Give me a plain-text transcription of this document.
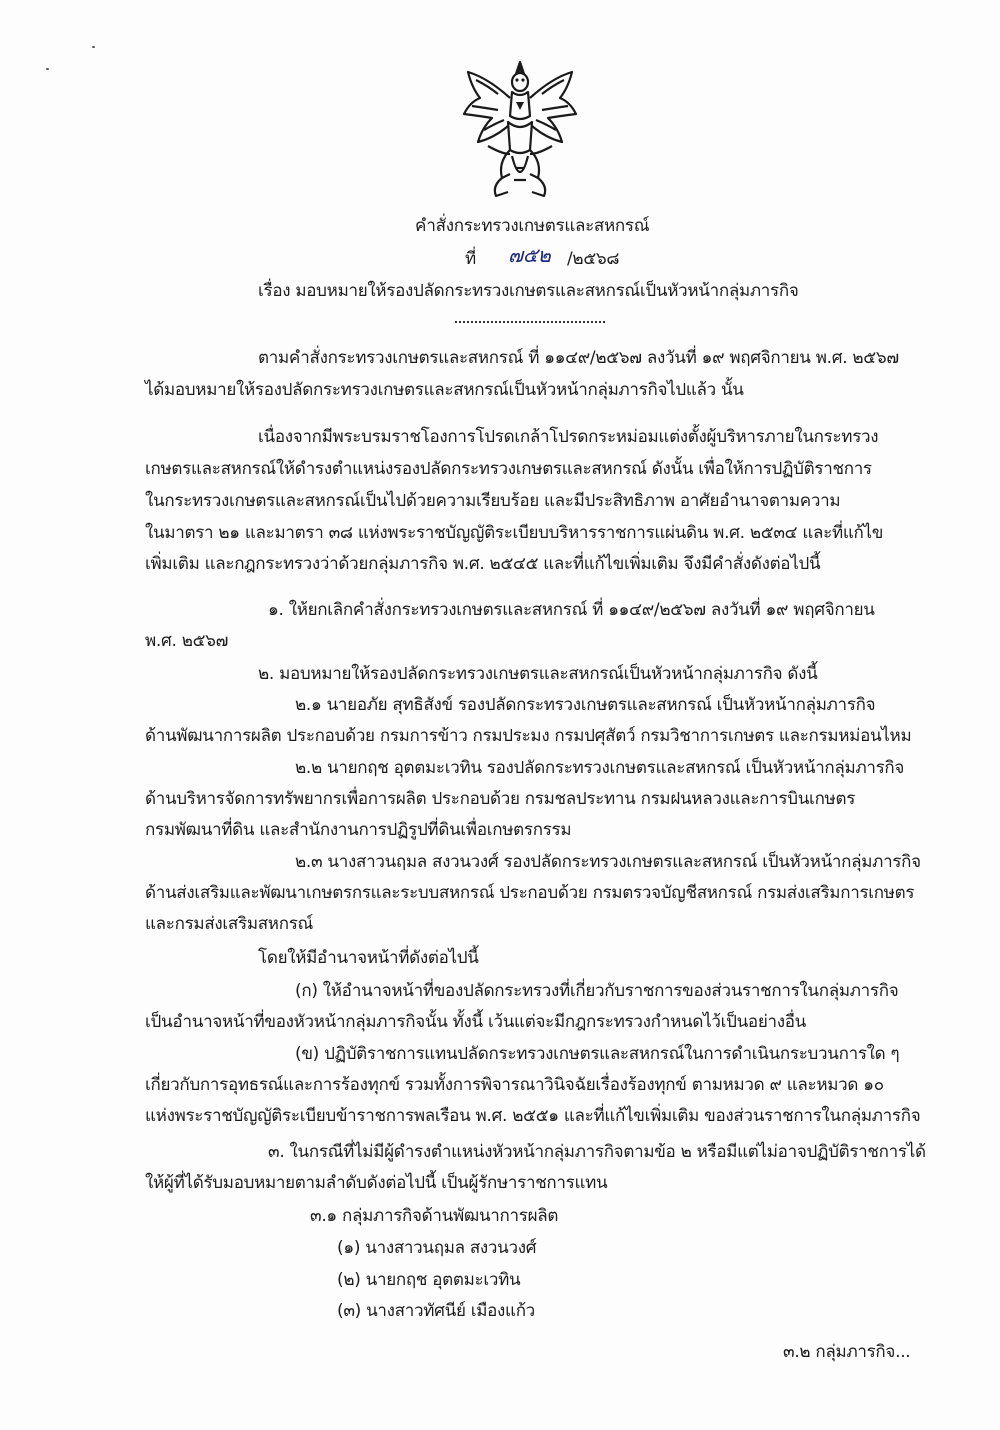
คำสั่งกระทรวงเกษตรและสหกรณ์
ที่ ๗๕๒ /๒๕๖๘
เรื่อง มอบหมายให้รองปลัดกระทรวงเกษตรและสหกรณ์เป็นหัวหน้ากลุ่มภารกิจ
ตามคำสั่งกระทรวงเกษตรและสหกรณ์ ที่ ๑๑๔๙/๒๕๖๗ ลงวันที่ ๑๙ พฤศจิกายน พ.ศ. ๒๕๖๗
ได้มอบหมายให้รองปลัดกระทรวงเกษตรและสหกรณ์เป็นหัวหน้ากลุ่มภารกิจไปแล้ว นั้น
เนื่องจากมีพระบรมราชโองการโปรดเกล้าโปรดกระหม่อมแต่งตั้งผู้บริหารภายในกระทรวง
เกษตรและสหกรณ์ให้ดำรงตำแหน่งรองปลัดกระทรวงเกษตรและสหกรณ์ ดังนั้น เพื่อให้การปฏิบัติราชการ
ในกระทรวงเกษตรและสหกรณ์เป็นไปด้วยความเรียบร้อย และมีประสิทธิภาพ อาศัยอำนาจตามความ
ในมาตรา ๒๑ และมาตรา ๓๘ แห่งพระราชบัญญัติระเบียบบริหารราชการแผ่นดิน พ.ศ. ๒๕๓๔ และที่แก้ไข
เพิ่มเติม และกฎกระทรวงว่าด้วยกลุ่มภารกิจ พ.ศ. ๒๕๔๕ และที่แก้ไขเพิ่มเติม จึงมีคำสั่งดังต่อไปนี้
๑. ให้ยกเลิกคำสั่งกระทรวงเกษตรและสหกรณ์ ที่ ๑๑๔๙/๒๕๖๗ ลงวันที่ ๑๙ พฤศจิกายน
พ.ศ. ๒๕๖๗
๒. มอบหมายให้รองปลัดกระทรวงเกษตรและสหกรณ์เป็นหัวหน้ากลุ่มภารกิจ ดังนี้
๒.๑ นายอภัย สุทธิสังข์ รองปลัดกระทรวงเกษตรและสหกรณ์ เป็นหัวหน้ากลุ่มภารกิจ
ด้านพัฒนาการผลิต ประกอบด้วย กรมการข้าว กรมประมง กรมปศุสัตว์ กรมวิชาการเกษตร และกรมหม่อนไหม
๒.๒ นายกฤช อุตตมะเวทิน รองปลัดกระทรวงเกษตรและสหกรณ์ เป็นหัวหน้ากลุ่มภารกิจ
ด้านบริหารจัดการทรัพยากรเพื่อการผลิต ประกอบด้วย กรมชลประทาน กรมฝนหลวงและการบินเกษตร
กรมพัฒนาที่ดิน และสำนักงานการปฏิรูปที่ดินเพื่อเกษตรกรรม
๒.๓ นางสาวนฤมล สงวนวงศ์ รองปลัดกระทรวงเกษตรและสหกรณ์ เป็นหัวหน้ากลุ่มภารกิจ
ด้านส่งเสริมและพัฒนาเกษตรกรและระบบสหกรณ์ ประกอบด้วย กรมตรวจบัญชีสหกรณ์ กรมส่งเสริมการเกษตร
และกรมส่งเสริมสหกรณ์
โดยให้มีอำนาจหน้าที่ดังต่อไปนี้
(ก) ให้อำนาจหน้าที่ของปลัดกระทรวงที่เกี่ยวกับราชการของส่วนราชการในกลุ่มภารกิจ
เป็นอำนาจหน้าที่ของหัวหน้ากลุ่มภารกิจนั้น ทั้งนี้ เว้นแต่จะมีกฎกระทรวงกำหนดไว้เป็นอย่างอื่น
(ข) ปฏิบัติราชการแทนปลัดกระทรวงเกษตรและสหกรณ์ในการดำเนินกระบวนการใด ๆ
เกี่ยวกับการอุทธรณ์และการร้องทุกข์ รวมทั้งการพิจารณาวินิจฉัยเรื่องร้องทุกข์ ตามหมวด ๙ และหมวด ๑๐
แห่งพระราชบัญญัติระเบียบข้าราชการพลเรือน พ.ศ. ๒๕๕๑ และที่แก้ไขเพิ่มเติม ของส่วนราชการในกลุ่มภารกิจ
๓. ในกรณีที่ไม่มีผู้ดำรงตำแหน่งหัวหน้ากลุ่มภารกิจตามข้อ ๒ หรือมีแต่ไม่อาจปฏิบัติราชการได้
ให้ผู้ที่ได้รับมอบหมายตามลำดับดังต่อไปนี้ เป็นผู้รักษาราชการแทน
๓.๑ กลุ่มภารกิจด้านพัฒนาการผลิต
(๑) นางสาวนฤมล สงวนวงศ์
(๒) นายกฤช อุตตมะเวทิน
(๓) นางสาวทัศนีย์ เมืองแก้ว
๓.๒ กลุ่มภารกิจ...
